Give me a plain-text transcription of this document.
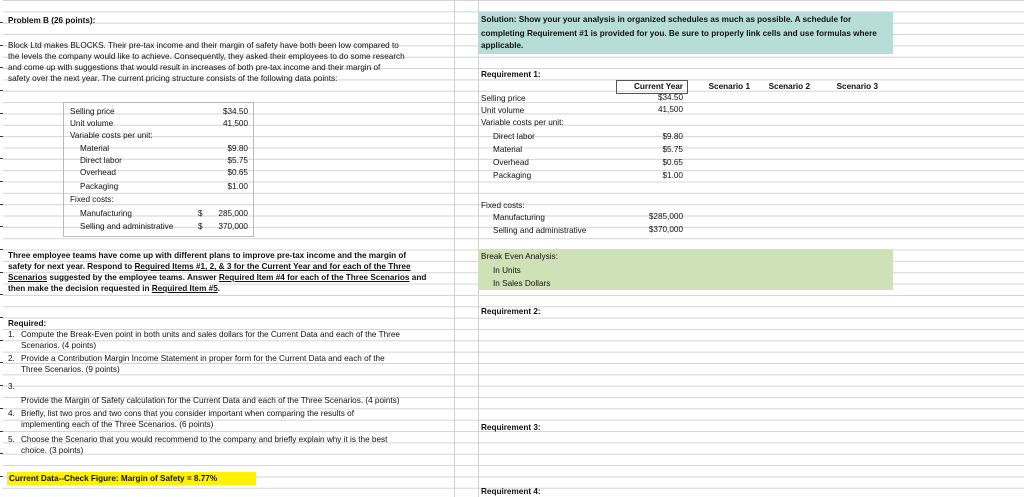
Problem B (26 points):
Block Ltd makes BLOCKS. Their pre-tax income and their margin of safety have both been low compared to
the levels the company would like to achieve. Consequently, they asked their employees to do some research
and come up with suggestions that would result in increases of both pre-tax income and their margin of
safety over the next year. The current pricing structure consists of the following data points:
Selling price	$34.50
Unit volume	41,500
Variable costs per unit:
Material	$9.80
Direct labor	$5.75
Overhead	$0.65
Packaging	$1.00
Fixed costs:
Manufacturing	$	285,000
Selling and administrative	$	370,000
Three employee teams have come up with different plans to improve pre-tax income and the margin of
safety for next year. Respond to Required Items #1, 2, & 3 for the Current Year and for each of the Three
Scenarios suggested by the employee teams. Answer Required Item #4 for each of the Three Scenarios and
then make the decision requested in Required Item #5.
Required:
1. Compute the Break-Even point in both units and sales dollars for the Current Data and each of the Three
Scenarios. (4 points)
2. Provide a Contribution Margin Income Statement in proper form for the Current Data and each of the
Three Scenarios. (9 points)
3.
Provide the Margin of Safety calculation for the Current Data and each of the Three Scenarios. (4 points)
4. Briefly, list two pros and two cons that you consider important when comparing the results of
implementing each of the Three Scenarios. (6 points)
5. Choose the Scenario that you would recommend to the company and briefly explain why it is the best
choice. (3 points)
Current Data--Check Figure: Margin of Safety = 8.77%
Solution: Show your your analysis in organized schedules as much as possible. A schedule for
completing Requirement #1 is provided for you. Be sure to properly link cells and use formulas where
applicable.
Requirement 1:
Current Year	Scenario 1	Scenario 2	Scenario 3
Selling price	$34.50
Unit volume	41,500
Variable costs per unit:
Direct labor	$9.80
Material	$5.75
Overhead	$0.65
Packaging	$1.00
Fixed costs:
Manufacturing	$285,000
Selling and administrative	$370,000
Break Even Analysis:
In Units
In Sales Dollars
Requirement 2:
Requirement 3:
Requirement 4:
